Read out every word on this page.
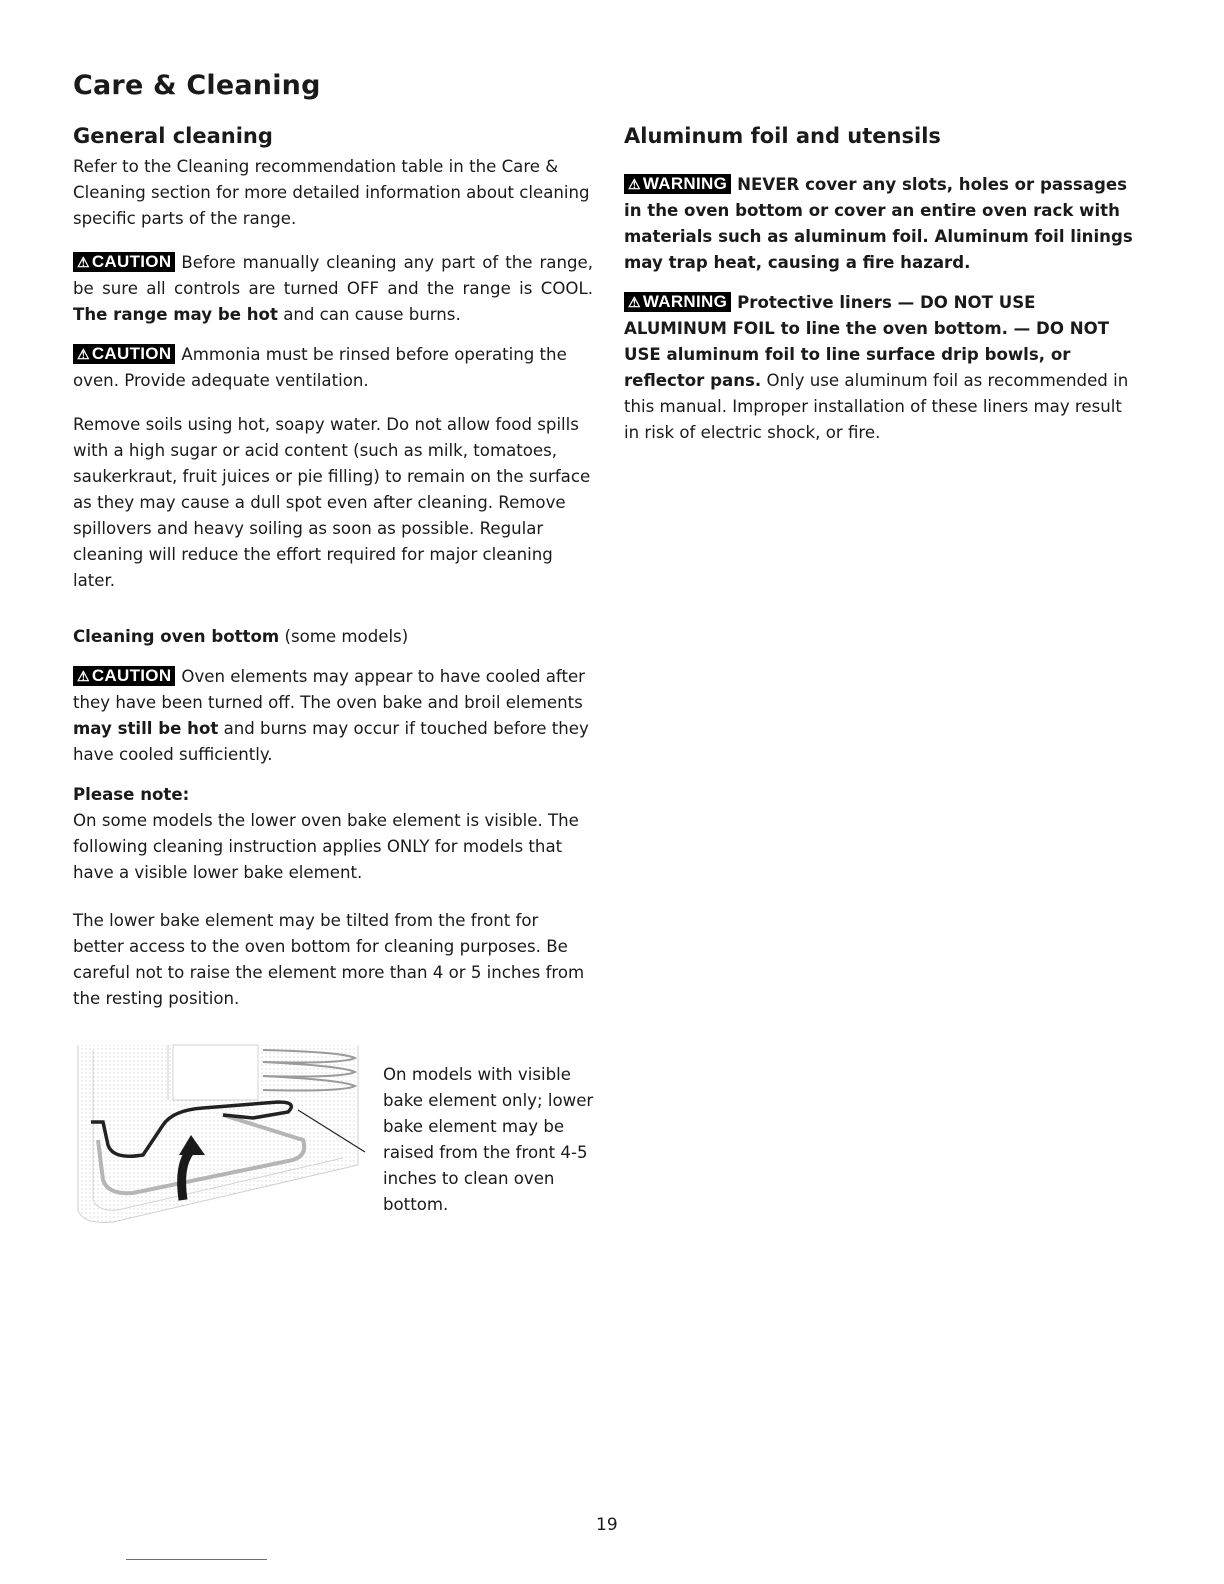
Care & Cleaning
General cleaning

Refer to the Cleaning recommendation table in the Care & Cleaning section for more detailed information about cleaning specific parts of the range.

⚠ CAUTION Before manually cleaning any part of the range, be sure all controls are turned OFF and the range is COOL. The range may be hot and can cause burns.

⚠ CAUTION Ammonia must be rinsed before operating the oven. Provide adequate ventilation.

Remove soils using hot, soapy water. Do not allow food spills with a high sugar or acid content (such as milk, tomatoes, saukerkraut, fruit juices or pie filling) to remain on the surface as they may cause a dull spot even after cleaning. Remove spillovers and heavy soiling as soon as possible. Regular cleaning will reduce the effort required for major cleaning later.

Cleaning oven bottom (some models)

⚠ CAUTION Oven elements may appear to have cooled after they have been turned off. The oven bake and broil elements may still be hot and burns may occur if touched before they have cooled sufficiently.

Please note:

On some models the lower oven bake element is visible. The following cleaning instruction applies ONLY for models that have a visible lower bake element.

The lower bake element may be tilted from the front for better access to the oven bottom for cleaning purposes. Be careful not to raise the element more than 4 or 5 inches from the resting position.

On models with visible bake element only; lower bake element may be raised from the front 4-5 inches to clean oven bottom.

Aluminum foil and utensils

⚠ WARNING NEVER cover any slots, holes or passages in the oven bottom or cover an entire oven rack with materials such as aluminum foil. Aluminum foil linings may trap heat, causing a fire hazard.

⚠ WARNING Protective liners — DO NOT USE ALUMINUM FOIL to line the oven bottom. — DO NOT USE aluminum foil to line surface drip bowls, or reflector pans. Only use aluminum foil as recommended in this manual. Improper installation of these liners may result in risk of electric shock, or fire.

19
